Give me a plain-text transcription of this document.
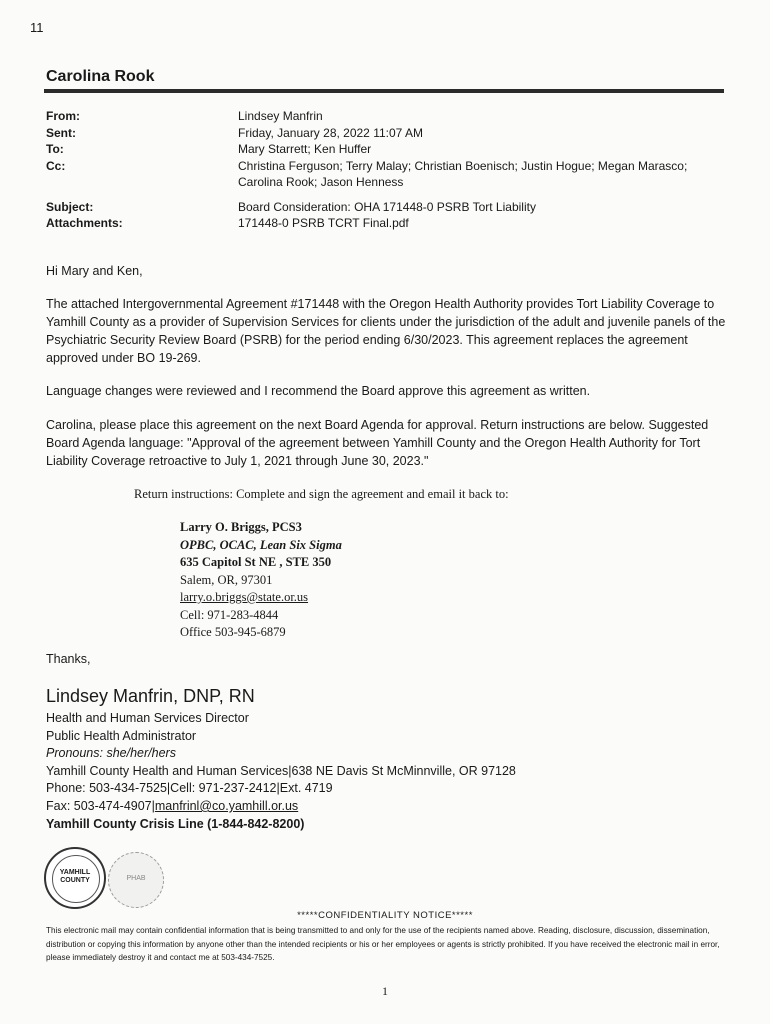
11
Carolina Rook
From:	Lindsey Manfrin
Sent:	Friday, January 28, 2022 11:07 AM
To:	Mary Starrett; Ken Huffer
Cc:	Christina Ferguson; Terry Malay; Christian Boenisch; Justin Hogue; Megan Marasco;
Carolina Rook; Jason Henness
Subject:	Board Consideration: OHA 171448-0 PSRB Tort Liability
Attachments:	171448-0 PSRB TCRT Final.pdf
Hi Mary and Ken,
The attached Intergovernmental Agreement #171448 with the Oregon Health Authority provides Tort Liability Coverage to Yamhill County as a provider of Supervision Services for clients under the jurisdiction of the adult and juvenile panels of the Psychiatric Security Review Board (PSRB) for the period ending 6/30/2023. This agreement replaces the agreement approved under BO 19-269.
Language changes were reviewed and I recommend the Board approve this agreement as written.
Carolina, please place this agreement on the next Board Agenda for approval. Return instructions are below. Suggested Board Agenda language: "Approval of the agreement between Yamhill County and the Oregon Health Authority for Tort Liability Coverage retroactive to July 1, 2021 through June 30, 2023."
Return instructions: Complete and sign the agreement and email it back to:
Larry O. Briggs, PCS3
OPBC, OCAC, Lean Six Sigma
635 Capitol St NE , STE 350
Salem, OR, 97301
larry.o.briggs@state.or.us
Cell: 971-283-4844
Office 503-945-6879
Thanks,
Lindsey Manfrin, DNP, RN
Health and Human Services Director
Public Health Administrator
Pronouns: she/her/hers
Yamhill County Health and Human Services|638 NE Davis St McMinnville, OR 97128
Phone: 503-434-7525|Cell: 971-237-2412|Ext. 4719
Fax: 503-474-4907|manfrinl@co.yamhill.or.us
Yamhill County Crisis Line (1-844-842-8200)
YAMHILL COUNTY	PHAB
*****CONFIDENTIALITY NOTICE*****
This electronic mail may contain confidential information that is being transmitted to and only for the use of the recipients named above. Reading, disclosure, discussion, dissemination, distribution or copying this information by anyone other than the intended recipients or his or her employees or agents is strictly prohibited. If you have received the electronic mail in error, please immediately destroy it and contact me at 503-434-7525.
1
